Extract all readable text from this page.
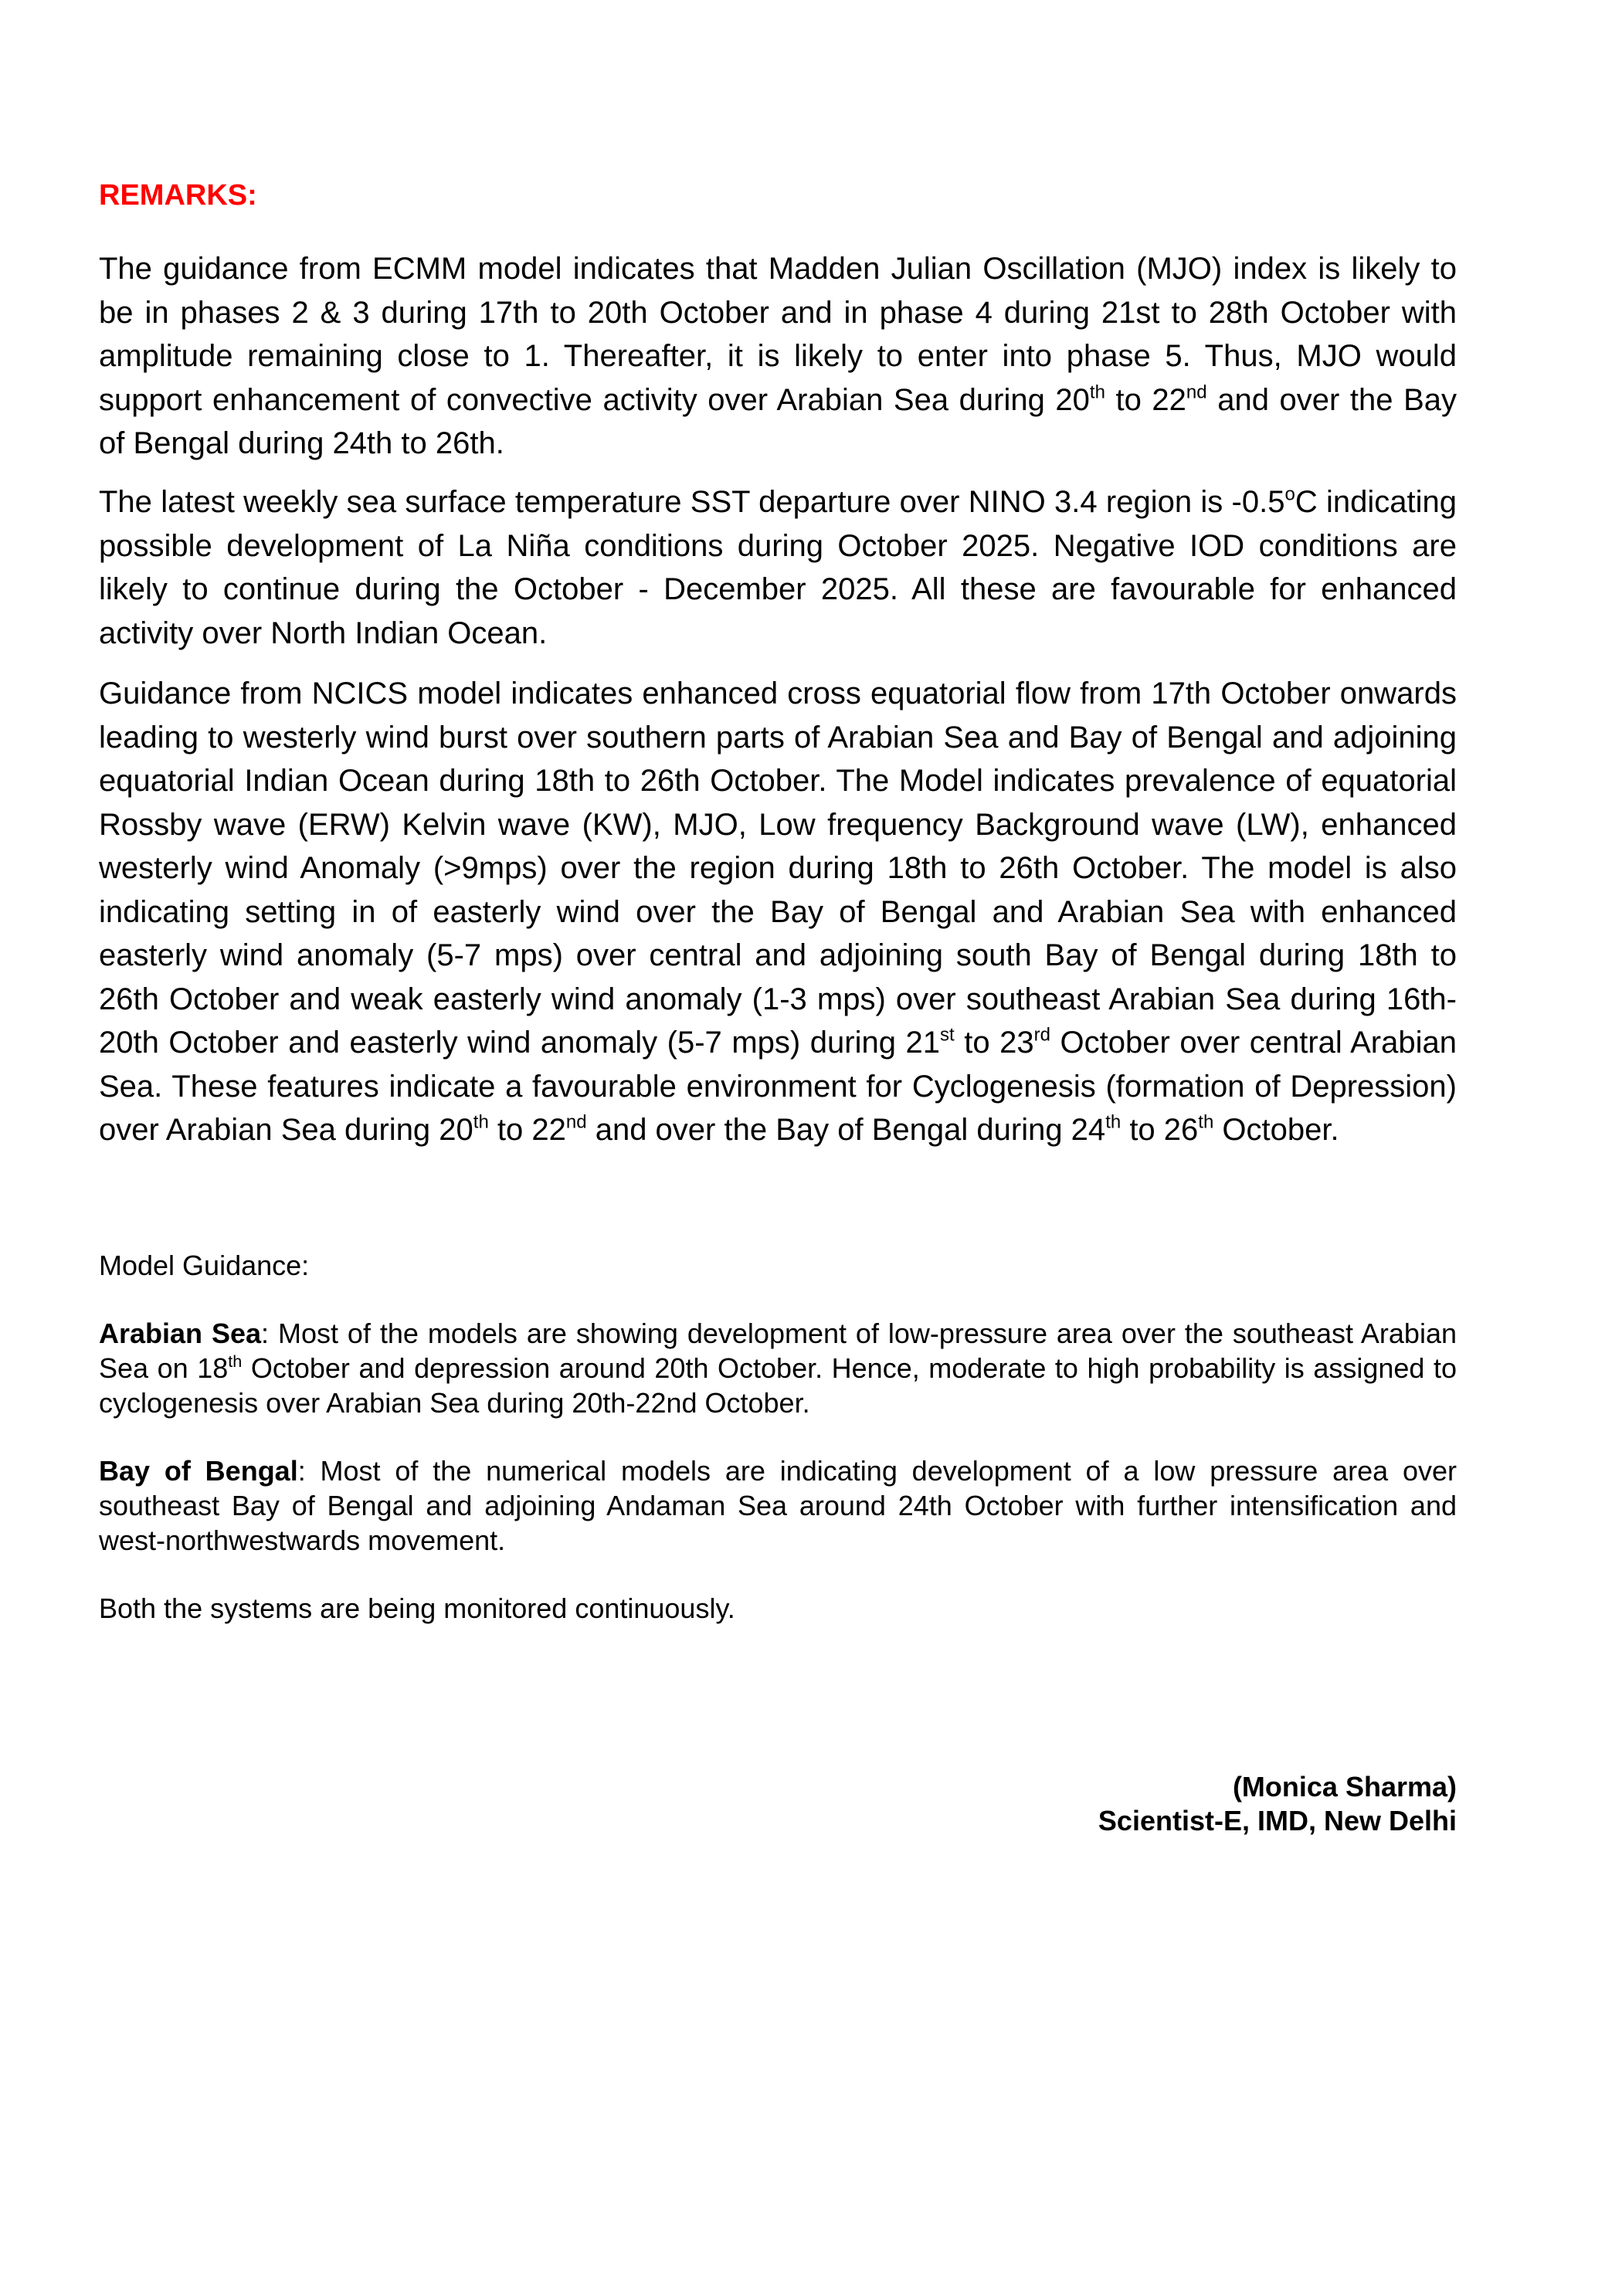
REMARKS:

The guidance from ECMM model indicates that Madden Julian Oscillation (MJO) index is likely to be in phases 2 & 3 during 17th to 20th October and in phase 4 during 21st to 28th October with amplitude remaining close to 1. Thereafter, it is likely to enter into phase 5. Thus, MJO would support enhancement of convective activity over Arabian Sea during 20th to 22nd and over the Bay of Bengal during 24th to 26th.

The latest weekly sea surface temperature SST departure over NINO 3.4 region is -0.5$^o$C indicating possible development of La Niña conditions during October 2025. Negative IOD conditions are likely to continue during the October - December 2025. All these are favourable for enhanced activity over North Indian Ocean.

Guidance from NCICS model indicates enhanced cross equatorial flow from 17th October onwards leading to westerly wind burst over southern parts of Arabian Sea and Bay of Bengal and adjoining equatorial Indian Ocean during 18th to 26th October. The Model indicates prevalence of equatorial Rossby wave (ERW) Kelvin wave (KW), MJO, Low frequency Background wave (LW), enhanced westerly wind Anomaly (>9mps) over the region during 18th to 26th October. The model is also indicating setting in of easterly wind over the Bay of Bengal and Arabian Sea with enhanced easterly wind anomaly (5-7 mps) over central and adjoining south Bay of Bengal during 18th to 26th October and weak easterly wind anomaly (1-3 mps) over southeast Arabian Sea during 16th-20th October and easterly wind anomaly (5-7 mps) during 21st to 23rd October over central Arabian Sea. These features indicate a favourable environment for Cyclogenesis (formation of Depression) over Arabian Sea during 20th to 22nd and over the Bay of Bengal during 24th to 26th October.

Model Guidance:

Arabian Sea: Most of the models are showing development of low-pressure area over the southeast Arabian Sea on 18th October and depression around 20th October. Hence, moderate to high probability is assigned to cyclogenesis over Arabian Sea during 20th-22nd October.

Bay of Bengal: Most of the numerical models are indicating development of a low pressure area over southeast Bay of Bengal and adjoining Andaman Sea around 24th October with further intensification and west-northwestwards movement.

Both the systems are being monitored continuously.

(Monica Sharma)
Scientist-E, IMD, New Delhi
